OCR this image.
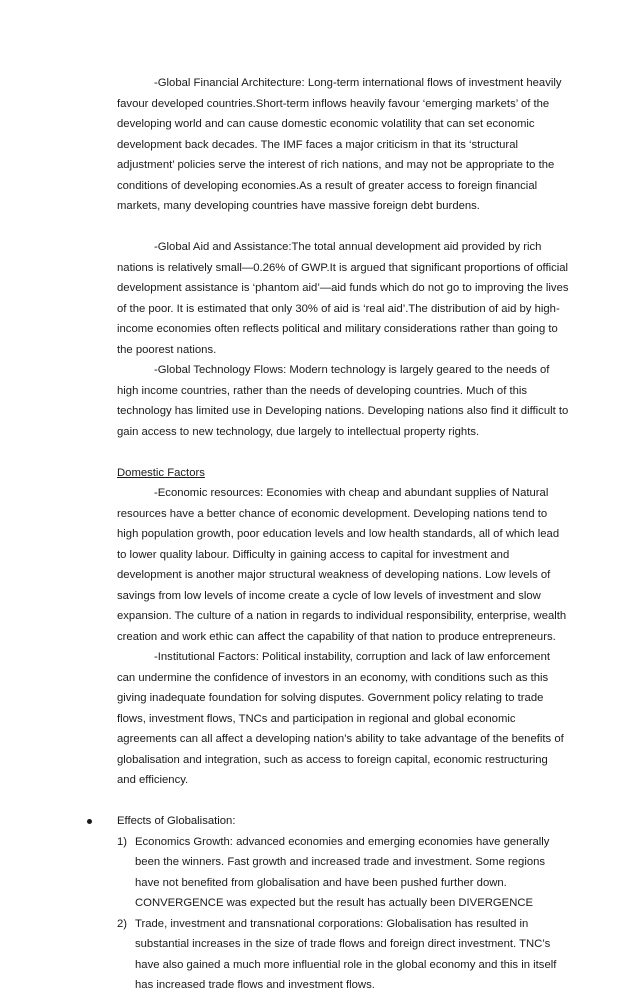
-Global Financial Architecture: Long-term international flows of investment heavily favour developed countries.Short-term inflows heavily favour ‘emerging markets’ of the developing world and can cause domestic economic volatility that can set economic development back decades. The IMF faces a major criticism in that its ‘structural adjustment’ policies serve the interest of rich nations, and may not be appropriate to the conditions of developing economies.As a result of greater access to foreign financial markets, many developing countries have massive foreign debt burdens.

-Global Aid and Assistance:The total annual development aid provided by rich nations is relatively small—0.26% of GWP.It is argued that significant proportions of official development assistance is ‘phantom aid’—aid funds which do not go to improving the lives of the poor. It is estimated that only 30% of aid is ‘real aid’.The distribution of aid by high-income economies often reflects political and military considerations rather than going to the poorest nations.

-Global Technology Flows: Modern technology is largely geared to the needs of high income countries, rather than the needs of developing countries. Much of this technology has limited use in Developing nations. Developing nations also find it difficult to gain access to new technology, due largely to intellectual property rights.

Domestic Factors

-Economic resources: Economies with cheap and abundant supplies of Natural resources have a better chance of economic development. Developing nations tend to high population growth, poor education levels and low health standards, all of which lead to lower quality labour. Difficulty in gaining access to capital for investment and development is another major structural weakness of developing nations. Low levels of savings from low levels of income create a cycle of low levels of investment and slow expansion. The culture of a nation in regards to individual responsibility, enterprise, wealth creation and work ethic can affect the capability of that nation to produce entrepreneurs.

-Institutional Factors: Political instability, corruption and lack of law enforcement can undermine the confidence of investors in an economy, with conditions such as this giving inadequate foundation for solving disputes. Government policy relating to trade flows, investment flows, TNCs and participation in regional and global economic agreements can all affect a developing nation’s ability to take advantage of the benefits of globalisation and integration, such as access to foreign capital, economic restructuring and efficiency.

Effects of Globalisation:
1) Economics Growth: advanced economies and emerging economies have generally been the winners. Fast growth and increased trade and investment. Some regions have not benefited from globalisation and have been pushed further down. CONVERGENCE was expected but the result has actually been DIVERGENCE
2) Trade, investment and transnational corporations: Globalisation has resulted in substantial increases in the size of trade flows and foreign direct investment. TNC’s have also gained a much more influential role in the global economy and this in itself has increased trade flows and investment flows.
